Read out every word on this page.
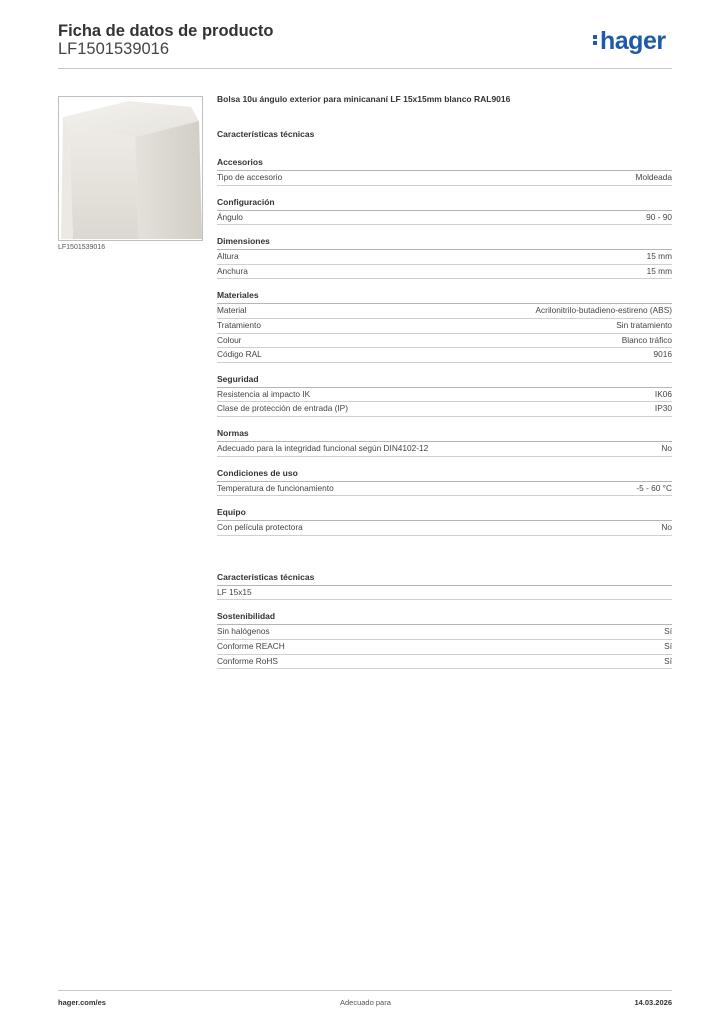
Ficha de datos de producto
LF1501539016	hager
LF1501539016
Bolsa 10u ángulo exterior para minicananí LF 15x15mm blanco RAL9016
Características técnicas
Accesorios
Tipo de accesorio	Moldeada
Configuración
Ángulo	90 - 90
Dimensiones
Altura	15 mm
Anchura	15 mm
Materiales
Material	Acrilonitrilo-butadieno-estireno (ABS)
Tratamiento	Sin tratamiento
Colour	Blanco tráfico
Código RAL	9016
Seguridad
Resistencia al impacto IK	IK06
Clase de protección de entrada (IP)	IP30
Normas
Adecuado para la integridad funcional según DIN4102-12	No
Condiciones de uso
Temperatura de funcionamiento	-5 - 60 °C
Equipo
Con película protectora	No
Características técnicas
LF 15x15
Sostenibilidad
Sin halógenos	Sí
Conforme REACH	Sí
Conforme RoHS	Sí
hager.com/es	Adecuado para	14.03.2026
